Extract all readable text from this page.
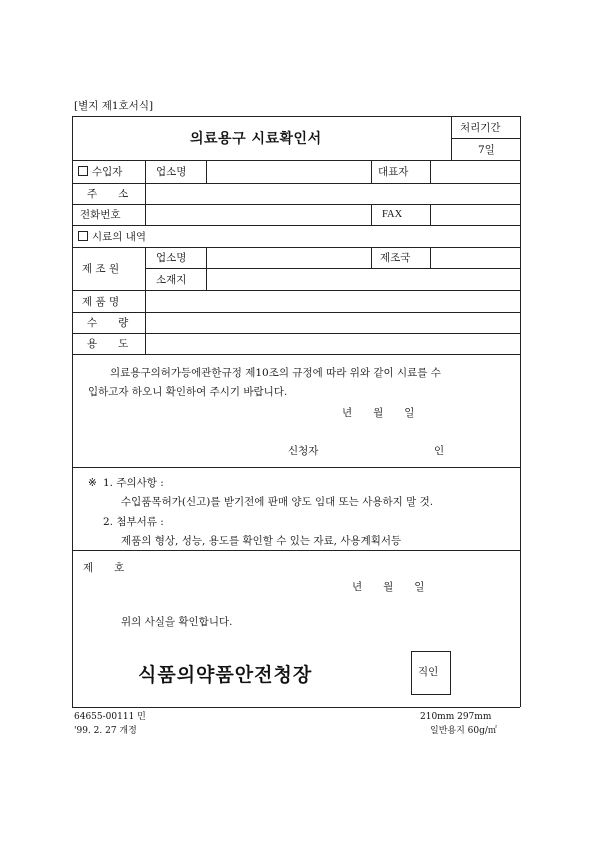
[별지 제1호서식]
의료용구 시료확인서
처리기간
7일
수입자	업소명	대표자
주　　소
전화번호	FAX
시료의 내역
제 조 원
업소명	제조국
소재지
제 품 명
수　　량
용　　도
의료용구의허가등에관한규정 제10조의 규정에 따라 위와 같이 시료를 수
입하고자 하오니 확인하여 주시기 바랍니다.
년　　월　　일
신청자	인
※ 1. 주의사항 :
수입품목허가(신고)를 받기전에 판매 양도 임대 또는 사용하지 말 것.
2. 첨부서류 :
제품의 형상, 성능, 용도를 확인할 수 있는 자료, 사용계획서등
제　　호
년　　월　　일
위의 사실을 확인합니다.
식품의약품안전청장	직인
64655-00111 민
'99. 2. 27 개정
210mm 297mm
일반용지 60g/㎡
